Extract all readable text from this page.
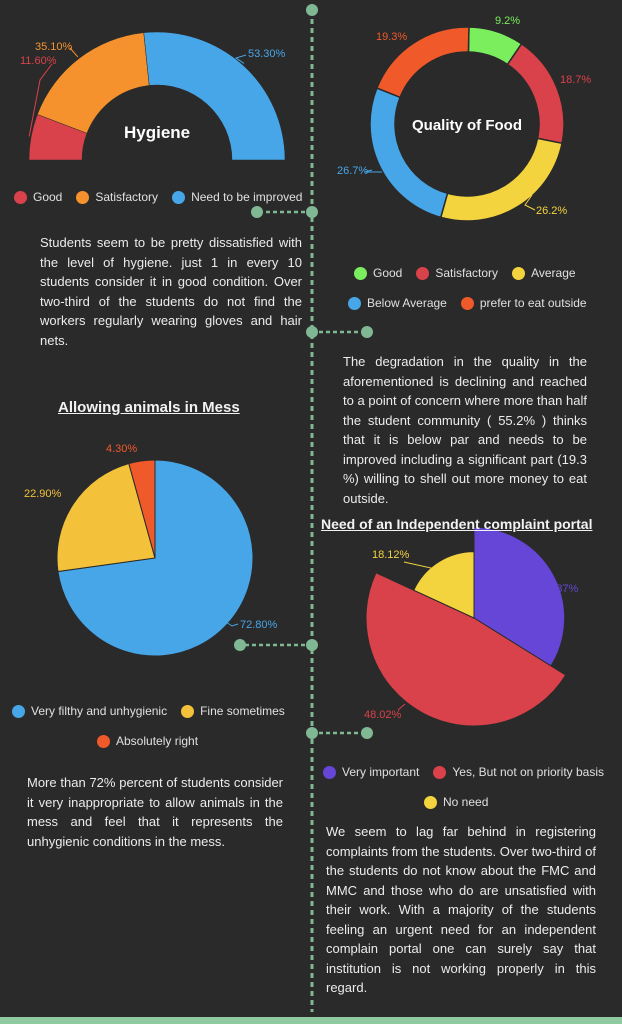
11.60%
35.10%
53.30%
9.2%
18.7%
26.2%
26.7%
19.3%
72.80%
22.90%
4.30%
33.87%
48.02%
18.12%
Hygiene
Good	Satisfactory	Need to be improved
Students seem to be pretty dissatisfied with the level of hygiene. just 1 in every 10 students consider it in good condition. Over two-third of the students do not find the workers regularly wearing gloves and hair nets.
Quality of Food
Good	Satisfactory	Average
Below Average	prefer to eat outside
The degradation in the quality in the aforementioned is declining and reached to a point of concern where more than half the student community ( 55.2% ) thinks that it is below par and needs to be improved including a significant part (19.3 %) willing to shell out more money to eat outside.
Allowing animals in Mess
Very filthy and unhygienic	Fine sometimes
Absolutely right
More than 72% percent of students consider it very inappropriate to allow animals in the mess and feel that it represents the unhygienic conditions in the mess.
Need of an Independent complaint portal
Very important	Yes, But not on priority basis
No need
We seem to lag far behind in registering complaints from the students. Over two-third of the students do not know about the FMC and MMC and those who do are unsatisfied with their work. With a majority of the students feeling an urgent need for an independent complain portal one can surely say that institution is not working properly in this regard.
